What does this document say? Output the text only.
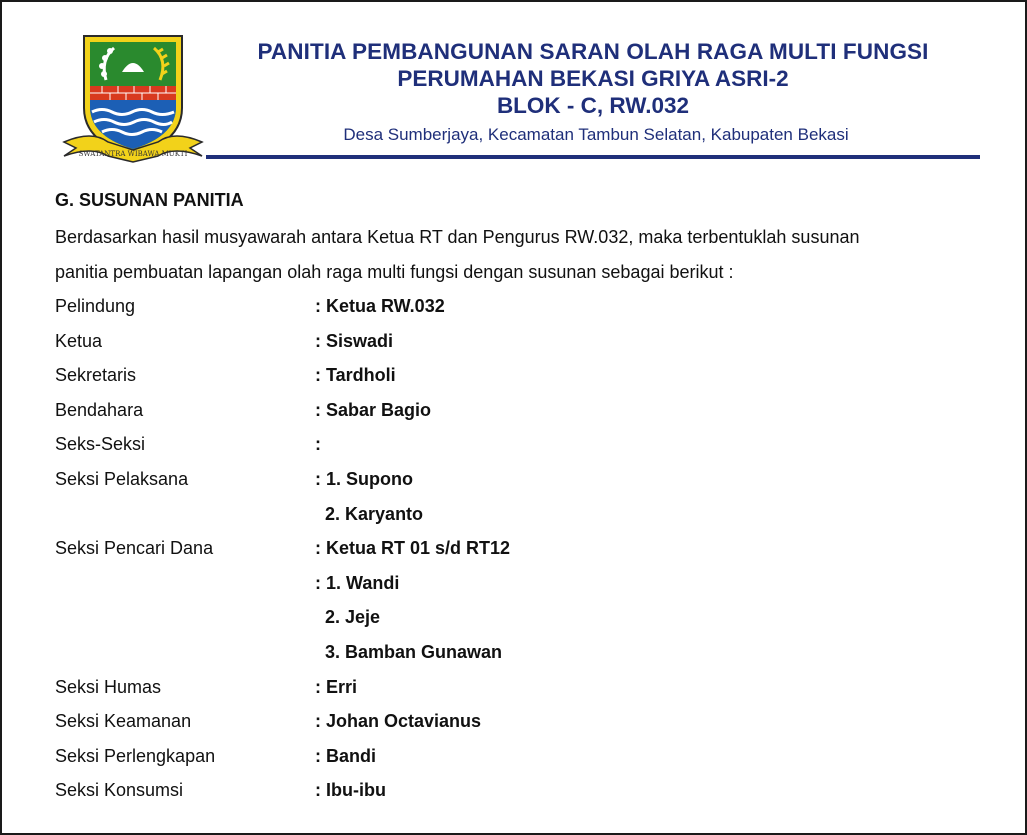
SWATANTRA WIBAWA MUKTI
PANITIA PEMBANGUNAN SARAN OLAH RAGA MULTI FUNGSI
PERUMAHAN BEKASI GRIYA ASRI-2
BLOK - C, RW.032
Desa Sumberjaya, Kecamatan Tambun Selatan, Kabupaten Bekasi
G. SUSUNAN PANITIA
Berdasarkan hasil musyawarah antara Ketua RT dan Pengurus RW.032, maka terbentuklah susunan
panitia pembuatan lapangan olah raga multi fungsi dengan susunan sebagai berikut :
Pelindung	: Ketua RW.032
Ketua	: Siswadi
Sekretaris	: Tardholi
Bendahara	: Sabar Bagio
Seks-Seksi	:
Seksi Pelaksana	: 1. Supono
2. Karyanto
Seksi Pencari Dana	: Ketua RT 01 s/d RT12
: 1. Wandi
2. Jeje
3. Bamban Gunawan
Seksi Humas	: Erri
Seksi Keamanan	: Johan Octavianus
Seksi Perlengkapan	: Bandi
Seksi Konsumsi	: Ibu-ibu
